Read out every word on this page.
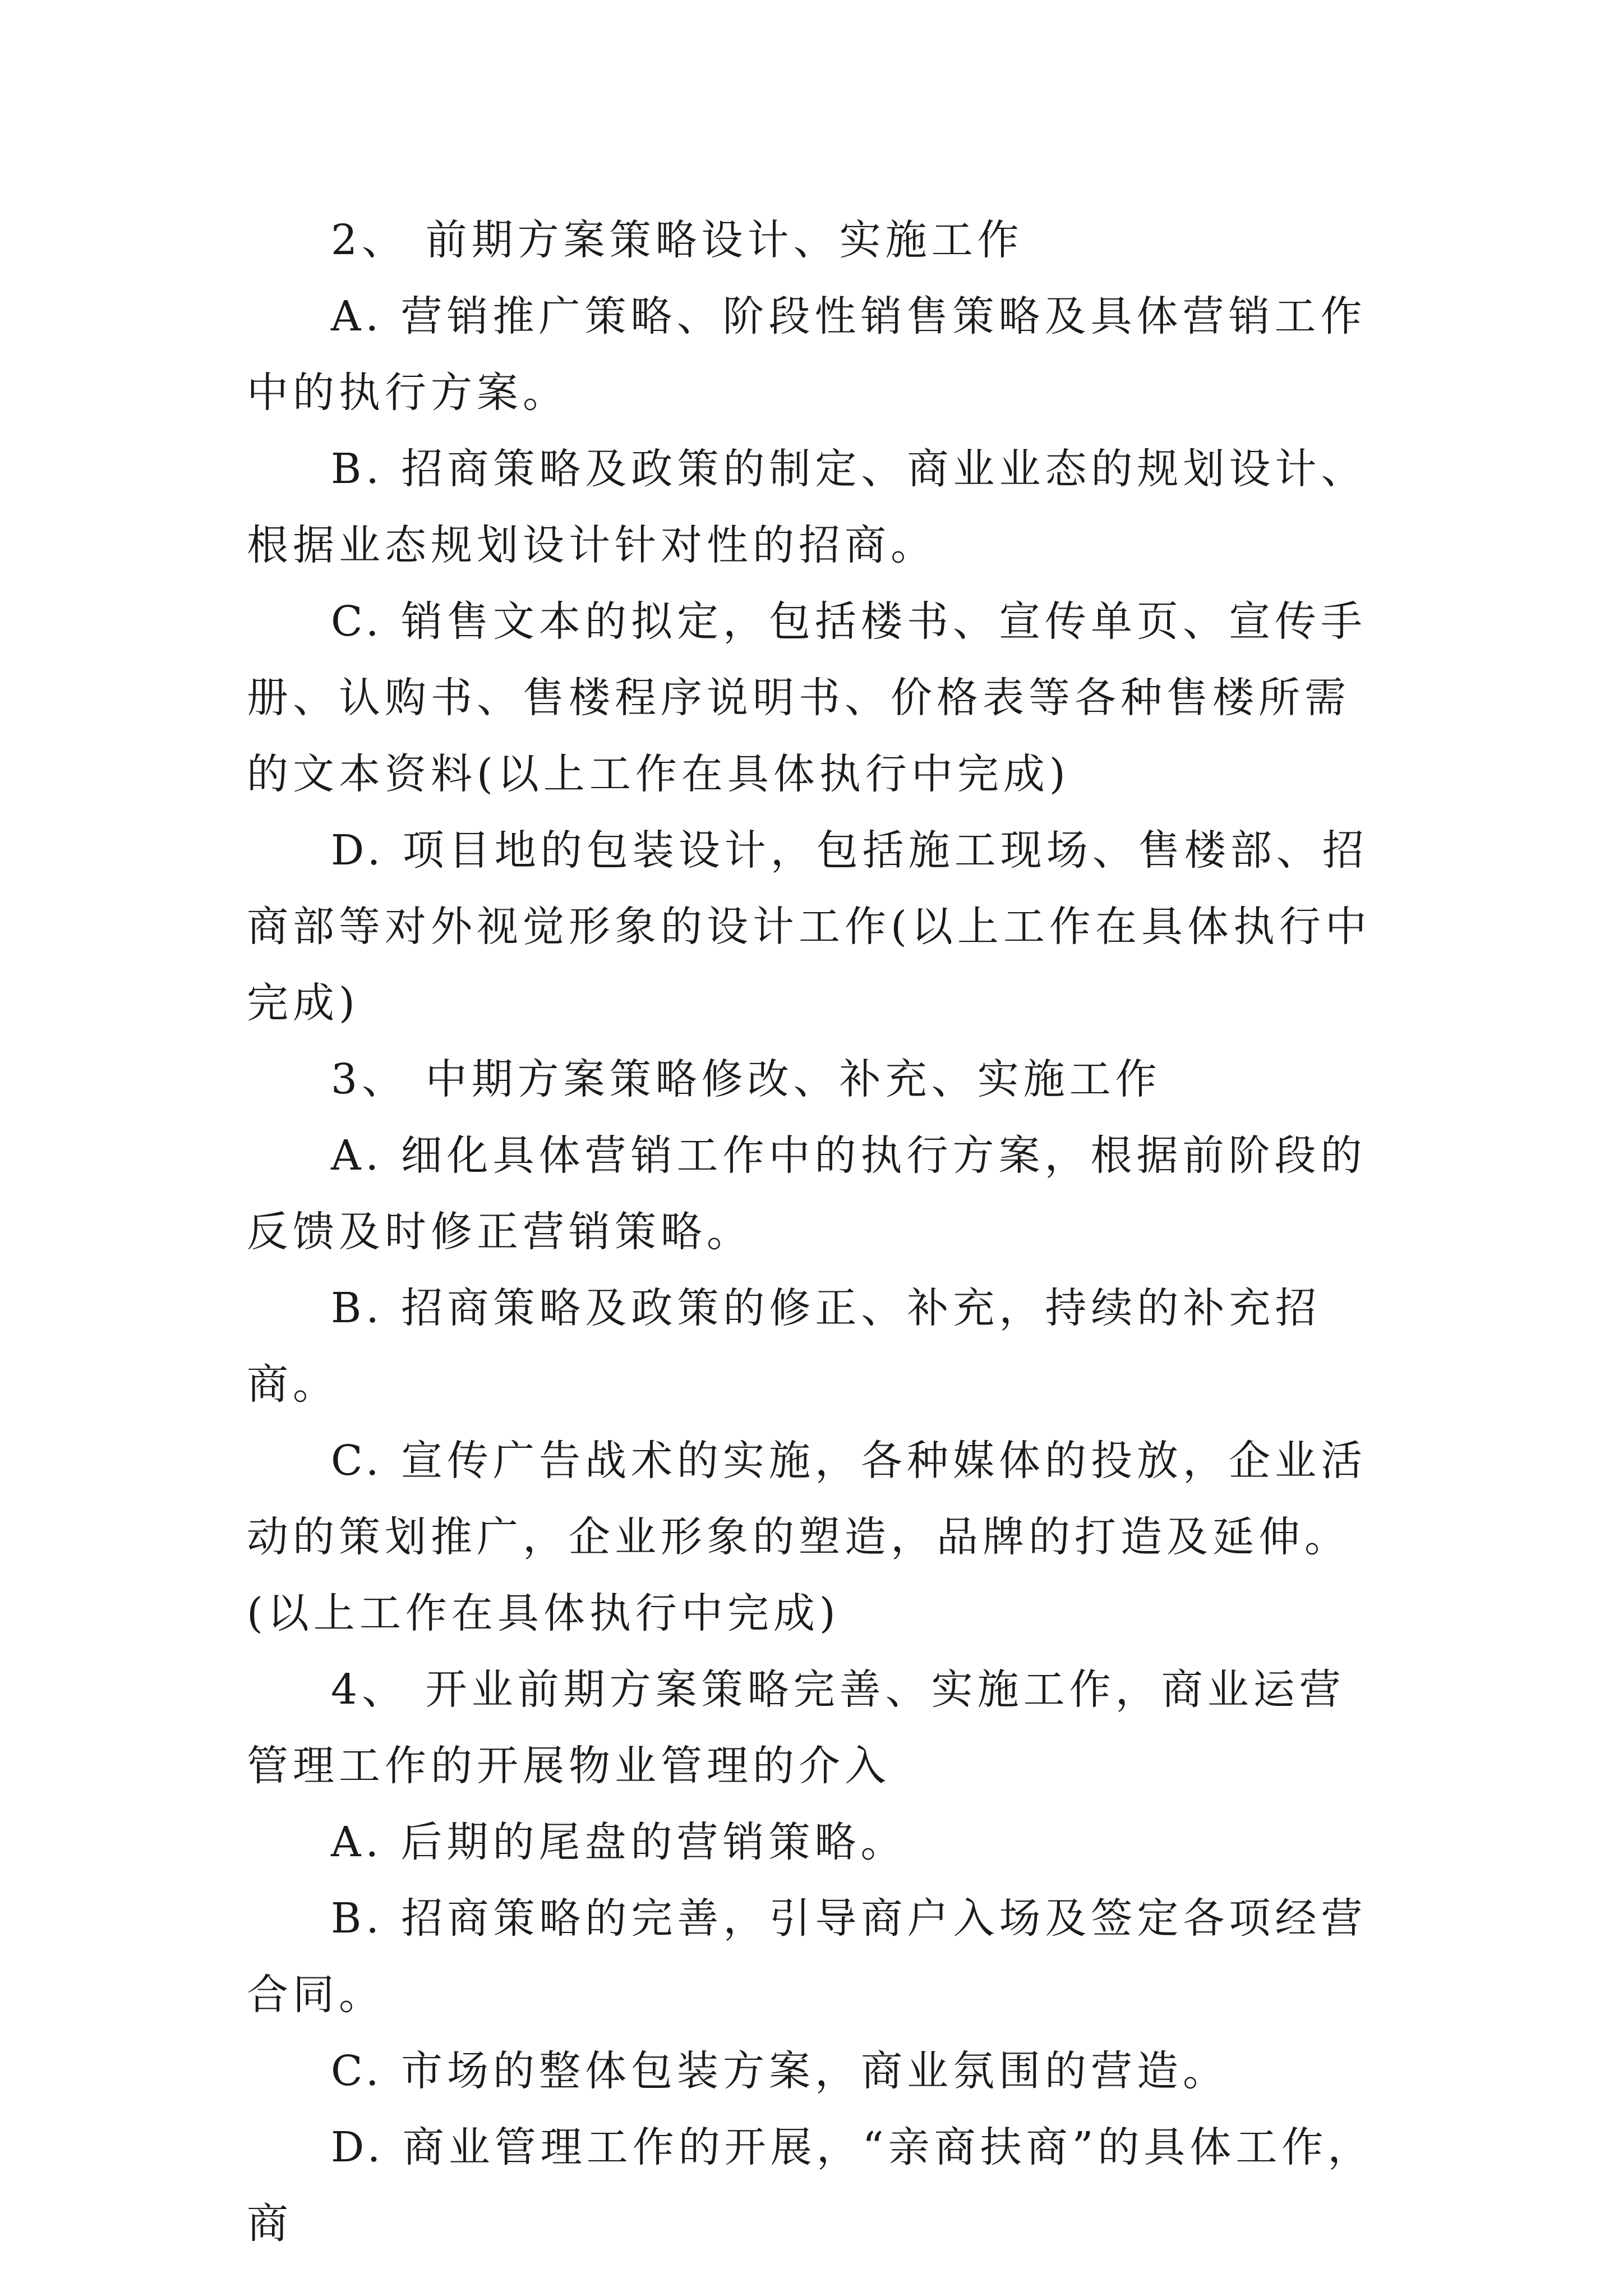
2、 前期方案策略设计、实施工作

A. 营销推广策略、阶段性销售策略及具体营销工作中的执行方案。

B. 招商策略及政策的制定、商业业态的规划设计、根据业态规划设计针对性的招商。

C. 销售文本的拟定，包括楼书、宣传单页、宣传手册、认购书、售楼程序说明书、价格表等各种售楼所需的文本资料(以上工作在具体执行中完成)

D. 项目地的包装设计，包括施工现场、售楼部、招商部等对外视觉形象的设计工作(以上工作在具体执行中完成)

3、 中期方案策略修改、补充、实施工作

A. 细化具体营销工作中的执行方案，根据前阶段的反馈及时修正营销策略。

B. 招商策略及政策的修正、补充，持续的补充招商。

C. 宣传广告战术的实施，各种媒体的投放，企业活动的策划推广，企业形象的塑造，品牌的打造及延伸。(以上工作在具体执行中完成)

4、 开业前期方案策略完善、实施工作，商业运营管理工作的开展物业管理的介入

A. 后期的尾盘的营销策略。

B. 招商策略的完善，引导商户入场及签定各项经营合同。

C. 市场的整体包装方案，商业氛围的营造。

D. 商业管理工作的开展，“亲商扶商”的具体工作，商
